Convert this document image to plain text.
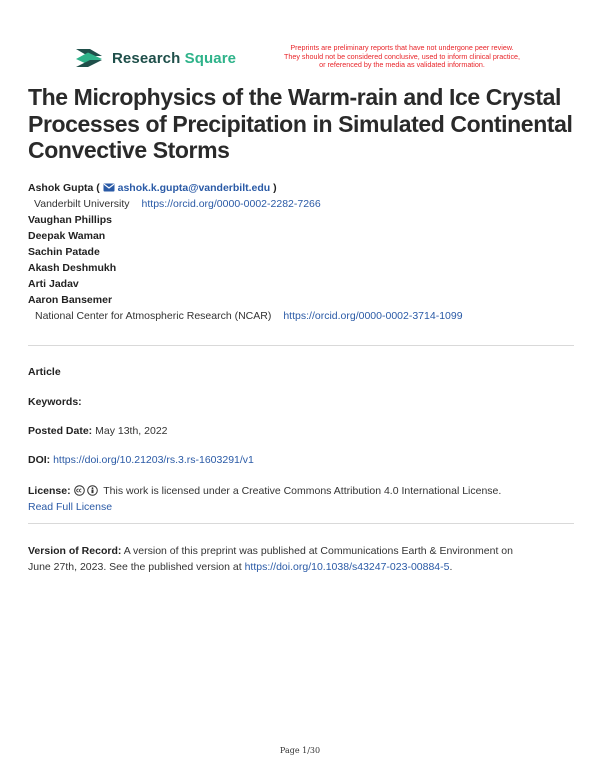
Research Square
Preprints are preliminary reports that have not undergone peer review.
They should not be considered conclusive, used to inform clinical practice,
or referenced by the media as validated information.
The Microphysics of the Warm-rain and Ice Crystal
Processes of Precipitation in Simulated Continental
Convective Storms
Ashok Gupta ( ashok.k.gupta@vanderbilt.edu )
Vanderbilt University https://orcid.org/0000-0002-2282-7266
Vaughan Phillips
Deepak Waman
Sachin Patade
Akash Deshmukh
Arti Jadav
Aaron Bansemer
National Center for Atmospheric Research (NCAR) https://orcid.org/0000-0002-3714-1099
Article
Keywords:
Posted Date: May 13th, 2022
DOI: https://doi.org/10.21203/rs.3.rs-1603291/v1
License:	This work is licensed under a Creative Commons Attribution 4.0 International License.
Read Full License
Version of Record: A version of this preprint was published at Communications Earth & Environment on
June 27th, 2023. See the published version at https://doi.org/10.1038/s43247-023-00884-5.
Page 1/30
